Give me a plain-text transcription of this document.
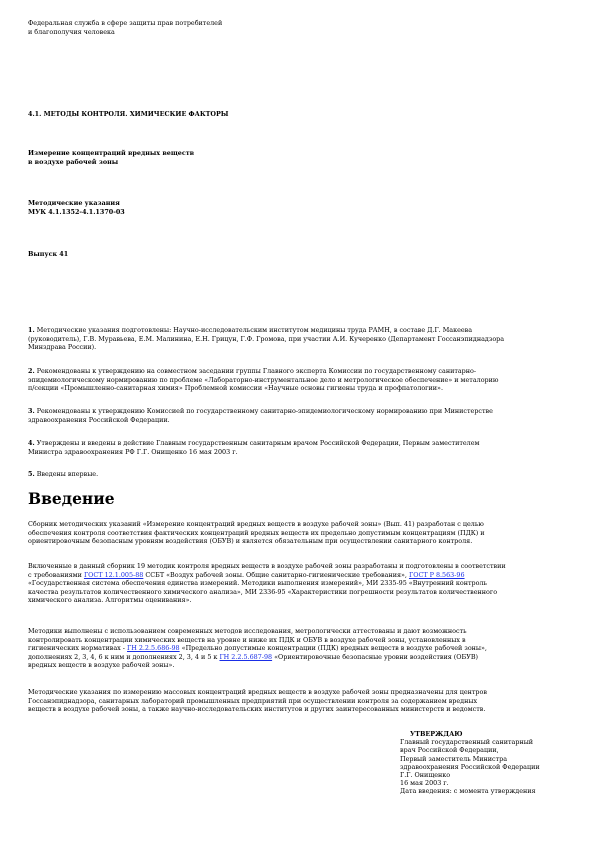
Федеральная служба в сфере защиты прав потребителей
и благополучия человека
4.1. МЕТОДЫ КОНТРОЛЯ. ХИМИЧЕСКИЕ ФАКТОРЫ
Измерение концентраций вредных веществ
в воздухе рабочей зоны
Методические указания
МУК 4.1.1352-4.1.1370-03
Выпуск 41
1. Методические указания подготовлены: Научно-исследовательским институтом медицины труда РАМН, в составе Д.Г. Макеева
(руководитель), Г.В. Муравьева, Е.М. Малинина, Е.Н. Грицун, Г.Ф. Громова, при участии А.И. Кучеренко (Департамент Госсанэпиднадзора
Минздрава России).
2. Рекомендованы к утверждению на совместном заседании группы Главного эксперта Комиссии по государственному санитарно-
эпидемиологическому нормированию по проблеме «Лабораторно-инструментальное дело и метрологическое обеспечение» и металорию
п/секции «Промышленно-санитарная химия» Проблемной комиссии «Научные основы гигиены труда и профпатологии».
3. Рекомендованы к утверждению Комиссией по государственному санитарно-эпидемиологическому нормированию при Министерстве
здравоохранения Российской Федерации.
4. Утверждены и введены в действие Главным государственным санитарным врачом Российской Федерации, Первым заместителем
Министра здравоохранения РФ Г.Г. Онищенко 16 мая 2003 г.
5. Введены впервые.
Введение
Сборник методических указаний «Измерение концентраций вредных веществ в воздухе рабочей зоны» (Вып. 41) разработан с целью
обеспечения контроля соответствия фактических концентраций вредных веществ их предельно допустимым концентрациям (ПДК) и
ориентировочным безопасным уровням воздействия (ОБУВ) и является обязательным при осуществлении санитарного контроля.
Включенные в данный сборник 19 методик контроля вредных веществ в воздухе рабочей зоны разработаны и подготовлены в соответствии
с требованиями ГОСТ 12.1.005-88 ССБТ «Воздух рабочей зоны. Общие санитарно-гигиенические требования», ГОСТ Р 8.563-96
«Государственная система обеспечения единства измерений. Методики выполнения измерений», МИ 2335-95 «Внутренний контроль
качества результатов количественного химического анализа», МИ 2336-95 «Характеристики погрешности результатов количественного
химического анализа. Алгоритмы оценивания».
Методики выполнены с использованием современных методов исследования, метрологически аттестованы и дают возможность
контролировать концентрации химических веществ на уровне и ниже их ПДК и ОБУВ в воздухе рабочей зоны, установленных в
гигиенических нормативах - ГН 2.2.5.686-98 «Предельно допустимые концентрации (ПДК) вредных веществ в воздухе рабочей зоны»,
дополнениях 2, 3, 4, 6 к ним и дополнениях 2, 3, 4 и 5 к ГН 2.2.5.687-98 «Ориентировочные безопасные уровни воздействия (ОБУВ)
вредных веществ в воздухе рабочей зоны».
Методические указания по измерению массовых концентраций вредных веществ в воздухе рабочей зоны предназначены для центров
Госсанэпиднадзора, санитарных лабораторий промышленных предприятий при осуществлении контроля за содержанием вредных
веществ в воздухе рабочей зоны, а также научно-исследовательских институтов и других заинтересованных министерств и ведомств.
УТВЕРЖДАЮ
Главный государственный санитарный
врач Российской Федерации,
Первый заместитель Министра
здравоохранения Российской Федерации
Г.Г. Онищенко
16 мая 2003 г.
Дата введения: с момента утверждения
